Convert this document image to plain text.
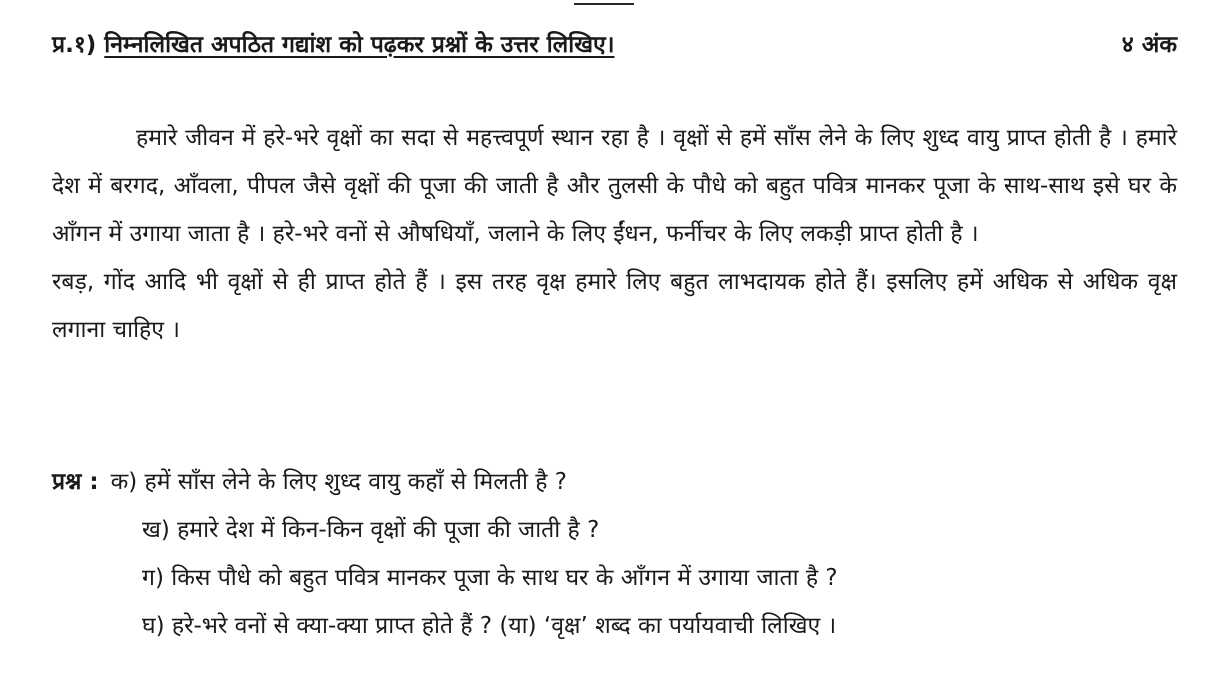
प्र.१) निम्नलिखित अपठित गद्यांश को पढ़कर प्रश्नों के उत्तर लिखिए।	४ अंक

हमारे जीवन में हरे-भरे वृक्षों का सदा से महत्त्वपूर्ण स्थान रहा है । वृक्षों से हमें साँस लेने के लिए शुध्द वायु प्राप्त होती है । हमारे देश में बरगद, आँवला, पीपल जैसे वृक्षों की पूजा की जाती है और तुलसी के पौधे को बहुत पवित्र मानकर पूजा के साथ-साथ इसे घर के आँगन में उगाया जाता है । हरे-भरे वनों से औषधियाँ, जलाने के लिए ईंधन, फर्नीचर के लिए लकड़ी प्राप्त होती है ।

रबड़, गोंद आदि भी वृक्षों से ही प्राप्त होते हैं । इस तरह वृक्ष हमारे लिए बहुत लाभदायक होते हैं। इसलिए हमें अधिक से अधिक वृक्ष लगाना चाहिए ।

प्रश्न : क) हमें साँस लेने के लिए शुध्द वायु कहाँ से मिलती है ?
ख) हमारे देश में किन-किन वृक्षों की पूजा की जाती है ?
ग) किस पौधे को बहुत पवित्र मानकर पूजा के साथ घर के आँगन में उगाया जाता है ?
घ) हरे-भरे वनों से क्या-क्या प्राप्त होते हैं ? (या) ‘वृक्ष’ शब्द का पर्यायवाची लिखिए ।
